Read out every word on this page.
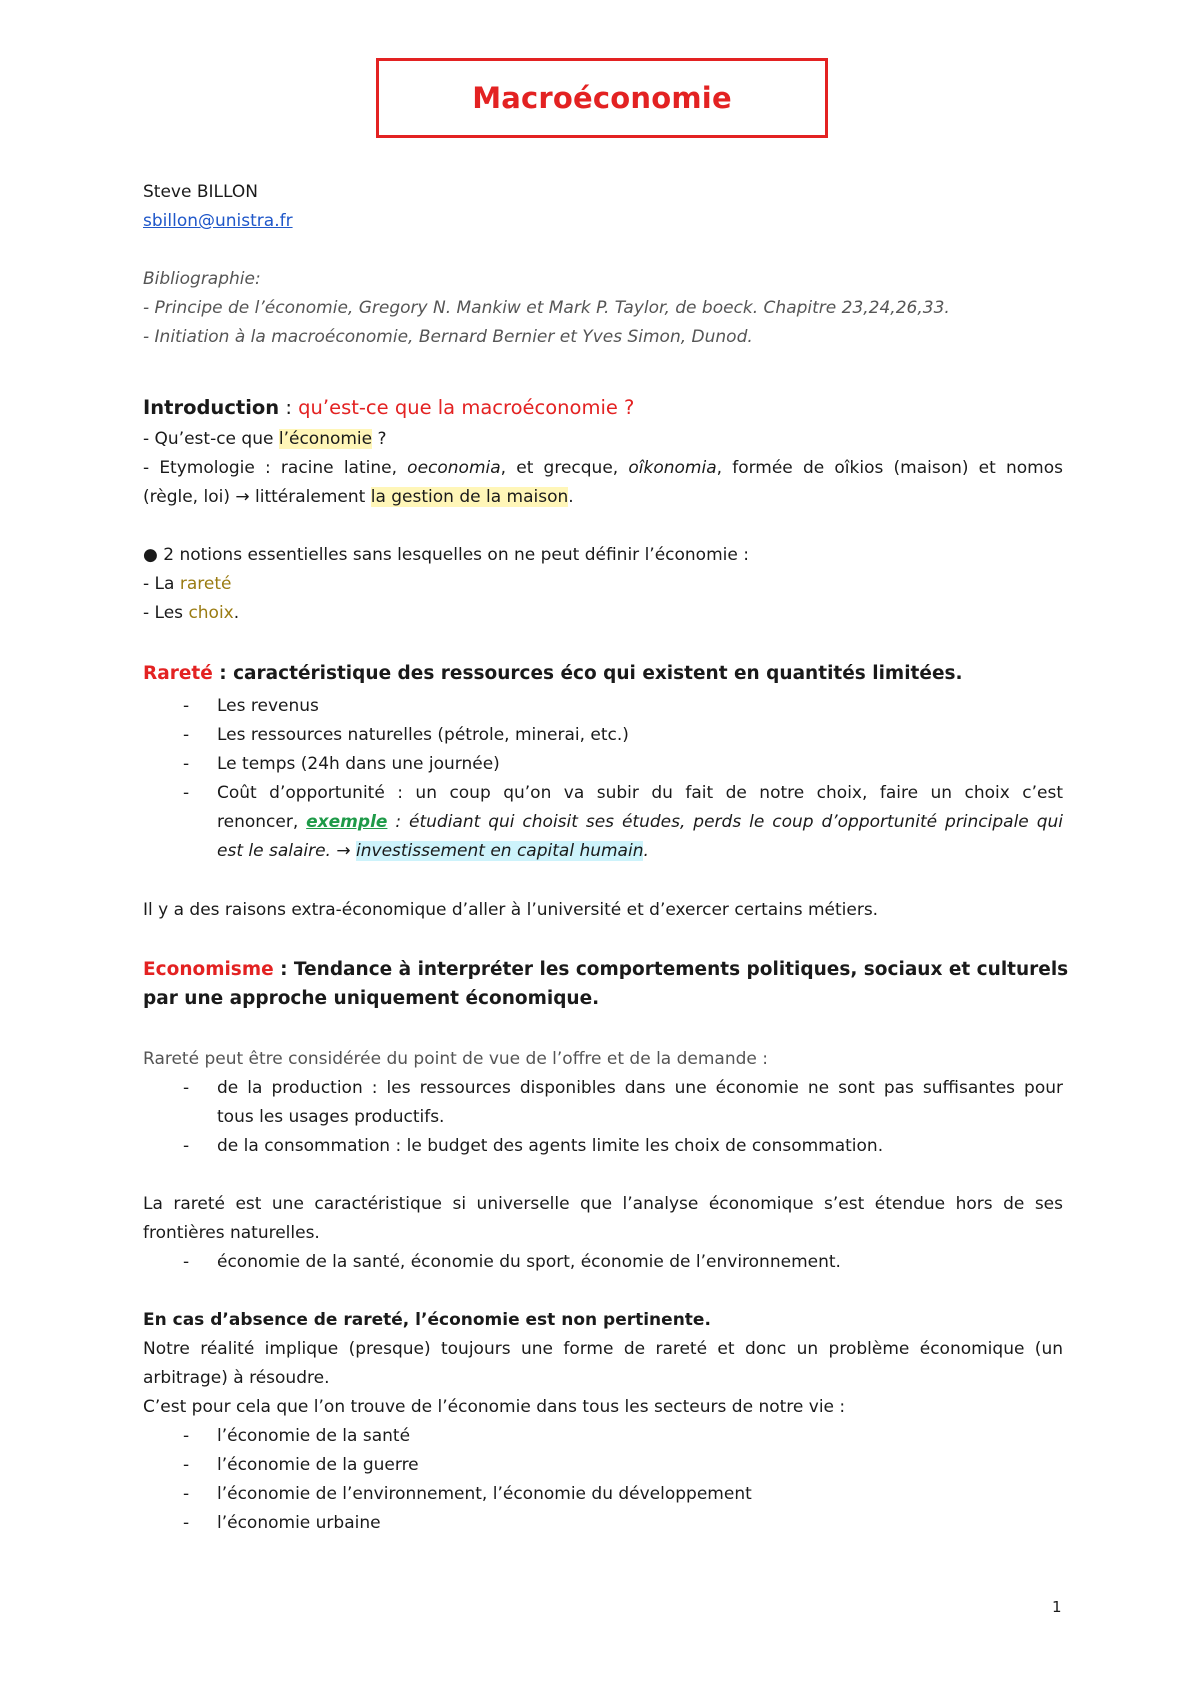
Macroéconomie
Steve BILLON
sbillon@unistra.fr
Bibliographie:
- Principe de l’économie, Gregory N. Mankiw et Mark P. Taylor, de boeck. Chapitre 23,24,26,33.
- Initiation à la macroéconomie, Bernard Bernier et Yves Simon, Dunod.
Introduction : qu’est-ce que la macroéconomie ?
- Qu’est-ce que l’économie ?
- Etymologie : racine latine, oeconomia, et grecque, oîkonomia, formée de oîkios (maison) et nomos
(règle, loi) → littéralement la gestion de la maison.
● 2 notions essentielles sans lesquelles on ne peut définir l’économie :
- La rareté
- Les choix.
Rareté : caractéristique des ressources éco qui existent en quantités limitées.
- Les revenus
- Les ressources naturelles (pétrole, minerai, etc.)
- Le temps (24h dans une journée)
- Coût d’opportunité : un coup qu’on va subir du fait de notre choix, faire un choix c’est
renoncer, exemple : étudiant qui choisit ses études, perds le coup d’opportunité principale qui
est le salaire. → investissement en capital humain.
Il y a des raisons extra-économique d’aller à l’université et d’exercer certains métiers.
Economisme : Tendance à interpréter les comportements politiques, sociaux et culturels
par une approche uniquement économique.
Rareté peut être considérée du point de vue de l’offre et de la demande :
- de la production : les ressources disponibles dans une économie ne sont pas suffisantes pour
tous les usages productifs.
- de la consommation : le budget des agents limite les choix de consommation.
La rareté est une caractéristique si universelle que l’analyse économique s’est étendue hors de ses
frontières naturelles.
- économie de la santé, économie du sport, économie de l’environnement.
En cas d’absence de rareté, l’économie est non pertinente.
Notre réalité implique (presque) toujours une forme de rareté et donc un problème économique (un
arbitrage) à résoudre.
C’est pour cela que l’on trouve de l’économie dans tous les secteurs de notre vie :
- l’économie de la santé
- l’économie de la guerre
- l’économie de l’environnement, l’économie du développement
- l’économie urbaine
1
